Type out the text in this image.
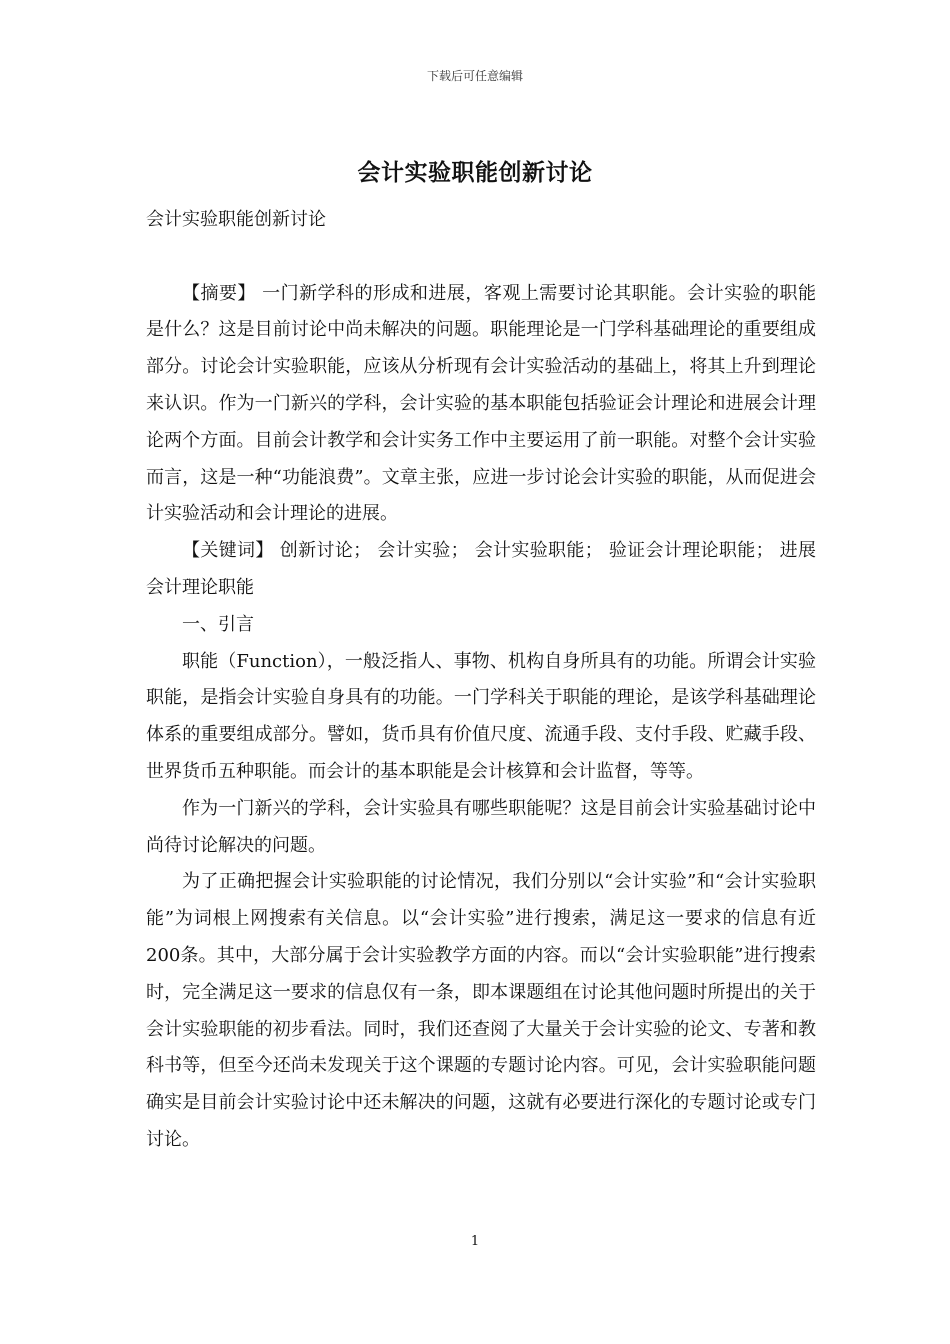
下载后可任意编辑
会计实验职能创新讨论

会计实验职能创新讨论

【摘要】 一门新学科的形成和进展，客观上需要讨论其职能。会计实验的职能是什么？这是目前讨论中尚未解决的问题。职能理论是一门学科基础理论的重要组成部分。讨论会计实验职能，应该从分析现有会计实验活动的基础上，将其上升到理论来认识。作为一门新兴的学科，会计实验的基本职能包括验证会计理论和进展会计理论两个方面。目前会计教学和会计实务工作中主要运用了前一职能。对整个会计实验而言，这是一种“功能浪费”。文章主张，应进一步讨论会计实验的职能，从而促进会计实验活动和会计理论的进展。

【关键词】 创新讨论； 会计实验； 会计实验职能； 验证会计理论职能； 进展会计理论职能

一、引言

职能（Function），一般泛指人、事物、机构自身所具有的功能。所谓会计实验职能，是指会计实验自身具有的功能。一门学科关于职能的理论，是该学科基础理论体系的重要组成部分。譬如，货币具有价值尺度、流通手段、支付手段、贮藏手段、世界货币五种职能。而会计的基本职能是会计核算和会计监督，等等。

作为一门新兴的学科，会计实验具有哪些职能呢？这是目前会计实验基础讨论中尚待讨论解决的问题。

为了正确把握会计实验职能的讨论情况，我们分别以“会计实验”和“会计实验职能”为词根上网搜索有关信息。以“会计实验”进行搜索，满足这一要求的信息有近200条。其中，大部分属于会计实验教学方面的内容。而以“会计实验职能”进行搜索时，完全满足这一要求的信息仅有一条，即本课题组在讨论其他问题时所提出的关于会计实验职能的初步看法。同时，我们还查阅了大量关于会计实验的论文、专著和教科书等，但至今还尚未发现关于这个课题的专题讨论内容。可见，会计实验职能问题确实是目前会计实验讨论中还未解决的问题，这就有必要进行深化的专题讨论或专门讨论。

1
